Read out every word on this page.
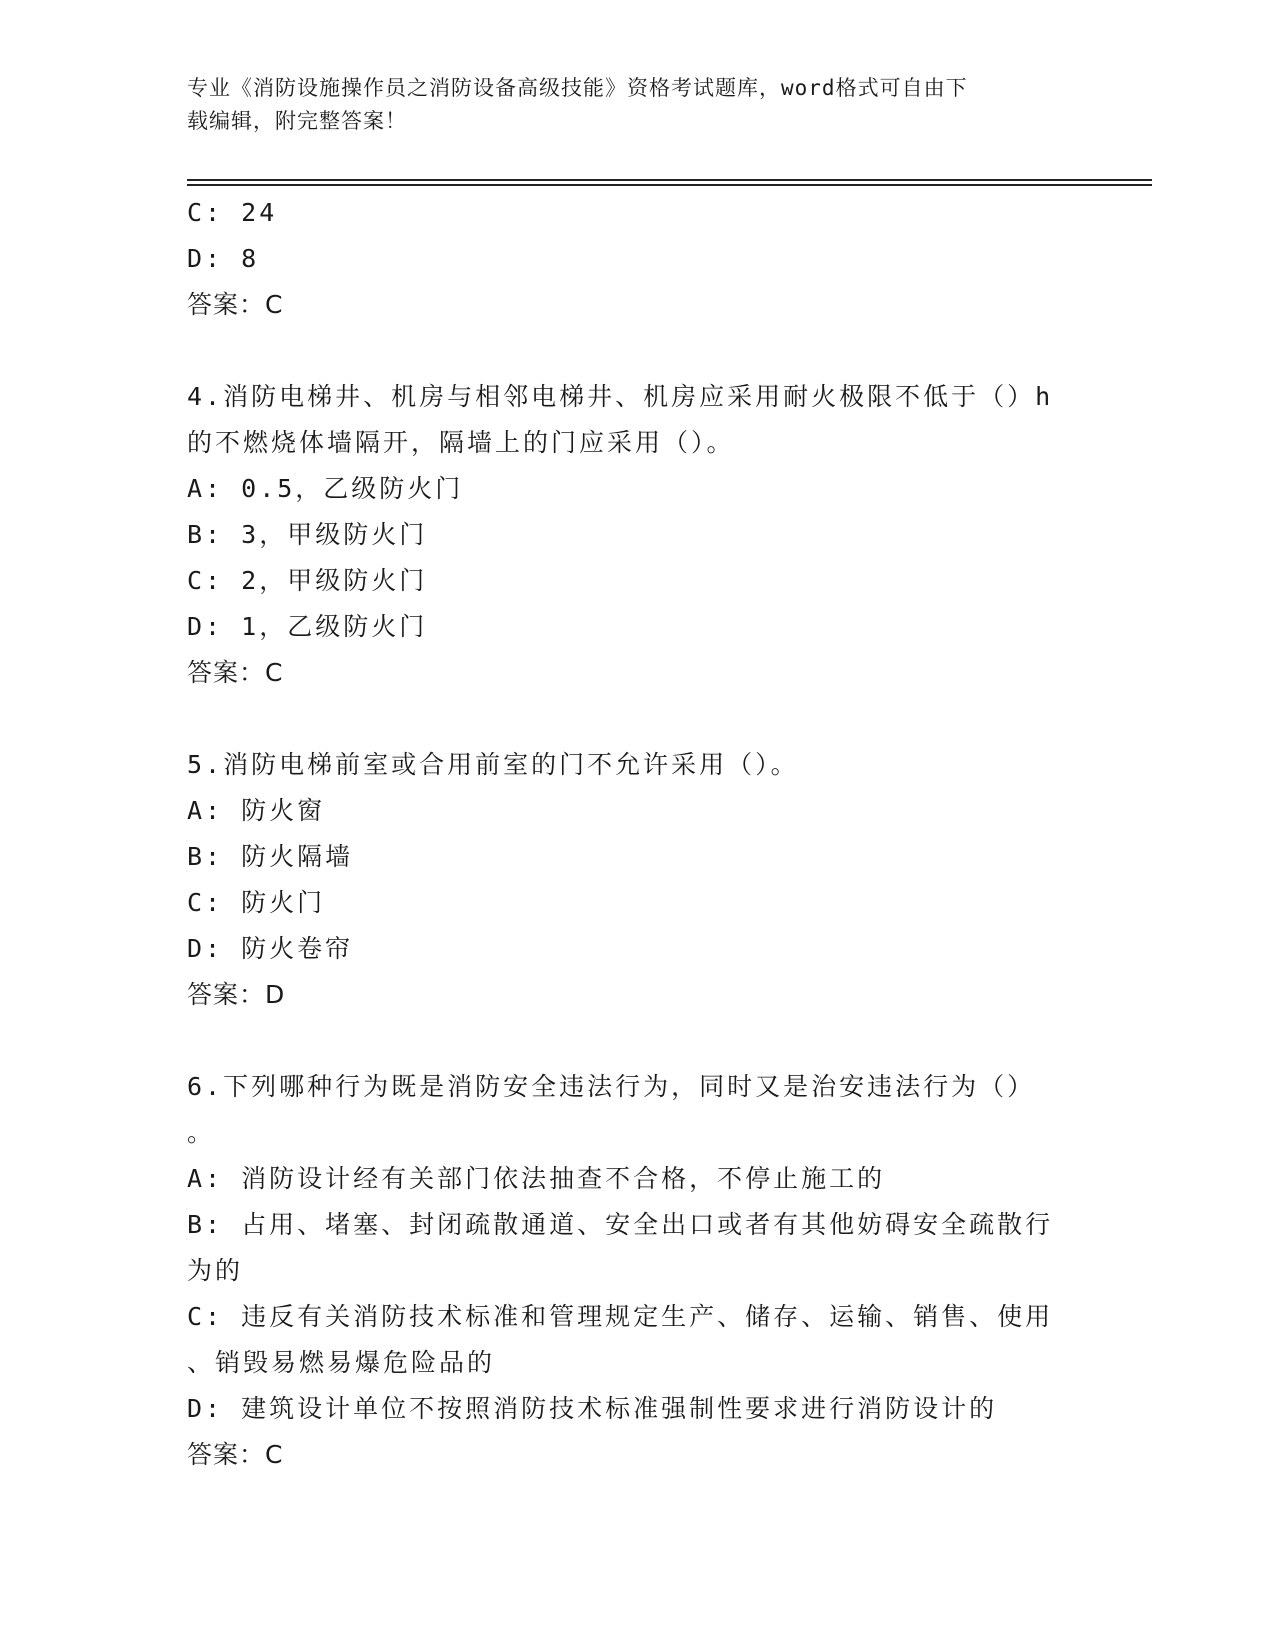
专业《消防设施操作员之消防设备高级技能》资格考试题库，word格式可自由下
载编辑，附完整答案！
C: 24
D: 8
答案：C
4.消防电梯井、机房与相邻电梯井、机房应采用耐火极限不低于（）h
的不燃烧体墙隔开，隔墙上的门应采用（）。
A: 0.5，乙级防火门
B: 3，甲级防火门
C: 2，甲级防火门
D: 1，乙级防火门
答案：C
5.消防电梯前室或合用前室的门不允许采用（）。
A: 防火窗
B: 防火隔墙
C: 防火门
D: 防火卷帘
答案：D
6.下列哪种行为既是消防安全违法行为，同时又是治安违法行为（）
。
A: 消防设计经有关部门依法抽查不合格，不停止施工的
B: 占用、堵塞、封闭疏散通道、安全出口或者有其他妨碍安全疏散行
为的
C: 违反有关消防技术标准和管理规定生产、储存、运输、销售、使用
、销毁易燃易爆危险品的
D: 建筑设计单位不按照消防技术标准强制性要求进行消防设计的
答案：C
